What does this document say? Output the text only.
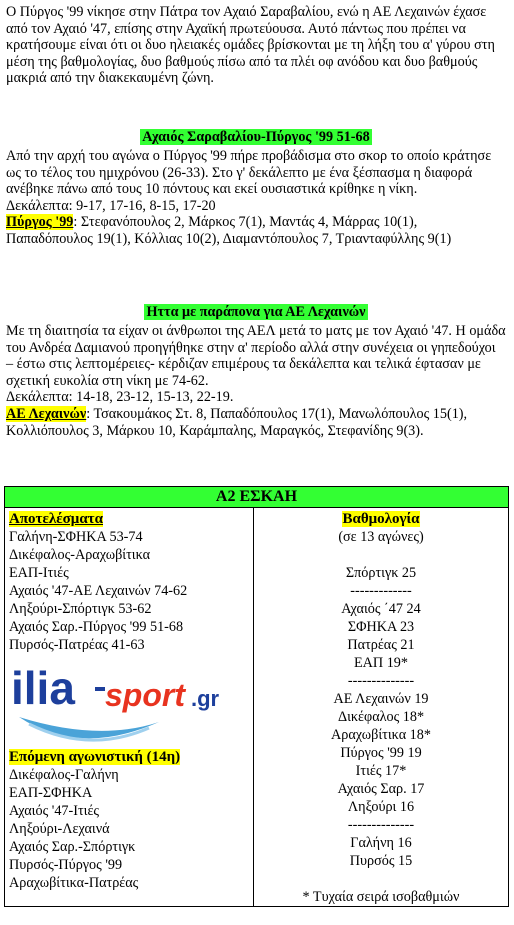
Ο Πύργος '99 νίκησε στην Πάτρα τον Αχαιό Σαραβαλίου, ενώ η ΑΕ Λεχαινών έχασε από τον Αχαιό '47, επίσης στην Αχαϊκή πρωτεύουσα. Αυτό πάντως που πρέπει να κρατήσουμε είναι ότι οι δυο ηλειακές ομάδες βρίσκονται με τη λήξη του α' γύρου στη μέση της βαθμολογίας, δυο βαθμούς πίσω από τα πλέι οφ ανόδου και δυο βαθμούς μακριά από την διακεκαυμένη ζώνη.

Αχαιός Σαραβαλίου-Πύργος '99 51-68

Από την αρχή του αγώνα ο Πύργος '99 πήρε προβάδισμα στο σκορ το οποίο κράτησε ως το τέλος του ημιχρόνου (26-33). Στο γ' δεκάλεπτο με ένα ξέσπασμα η διαφορά ανέβηκε πάνω από τους 10 πόντους και εκεί ουσιαστικά κρίθηκε η νίκη.

Δεκάλεπτα: 9-17, 17-16, 8-15, 17-20

Πύργος '99: Στεφανόπουλος 2, Μάρκος 7(1), Μαντάς 4, Μάρρας 10(1), Παπαδόπουλος 19(1), Κόλλιας 10(2), Διαμαντόπουλος 7, Τριανταφύλλης 9(1)

Ηττα με παράπονα για ΑΕ Λεχαινών

Με τη διαιτησία τα είχαν οι άνθρωποι της ΑΕΛ μετά το ματς με τον Αχαιό '47. Η ομάδα του Ανδρέα Δαμιανού προηγήθηκε στην α' περίοδο αλλά στην συνέχεια οι γηπεδούχοι – έστω στις λεπτομέρειες- κέρδιζαν επιμέρους τα δεκάλεπτα και τελικά έφτασαν με σχετική ευκολία στη νίκη με 74-62.

Δεκάλεπτα: 14-18, 23-12, 15-13, 22-19.

ΑΕ Λεχαινών: Τσακουμάκος Στ. 8, Παπαδόπουλος 17(1), Μανωλόπουλος 15(1), Κολλιόπουλος 3, Μάρκου 10, Καράμπαλης, Μαραγκός, Στεφανίδης 9(3).

Α2 ΕΣΚΑΗ

Αποτελέσματα
Γαλήνη-ΣΦΗΚΑ 53-74
Δικέφαλος-Αραχωβίτικα
ΕΑΠ-Ιτιές
Αχαιός '47-ΑΕ Λεχαινών 74-62
Ληξούρι-Σπόρτιγκ 53-62
Αχαιός Σαρ.-Πύργος '99 51-68
Πυρσός-Πατρέας 41-63
ilia sport .gr
Επόμενη αγωνιστική (14η)
Δικέφαλος-Γαλήνη
ΕΑΠ-ΣΦΗΚΑ
Αχαιός '47-Ιτιές
Ληξούρι-Λεχαινά
Αχαιός Σαρ.-Σπόρτιγκ
Πυρσός-Πύργος '99
Αραχωβίτικα-Πατρέας

Βαθμολογία
(σε 13 αγώνες)
Σπόρτιγκ 25
-------------
Αχαιός ΄47 24
ΣΦΗΚΑ 23
Πατρέας 21
ΕΑΠ 19*
--------------
ΑΕ Λεχαινών 19
Δικέφαλος 18*
Αραχωβίτικα 18*
Πύργος '99 19
Ιτιές 17*
Αχαιός Σαρ. 17
Ληξούρι 16
--------------
Γαλήνη 16
Πυρσός 15
* Τυχαία σειρά ισοβαθμιών
